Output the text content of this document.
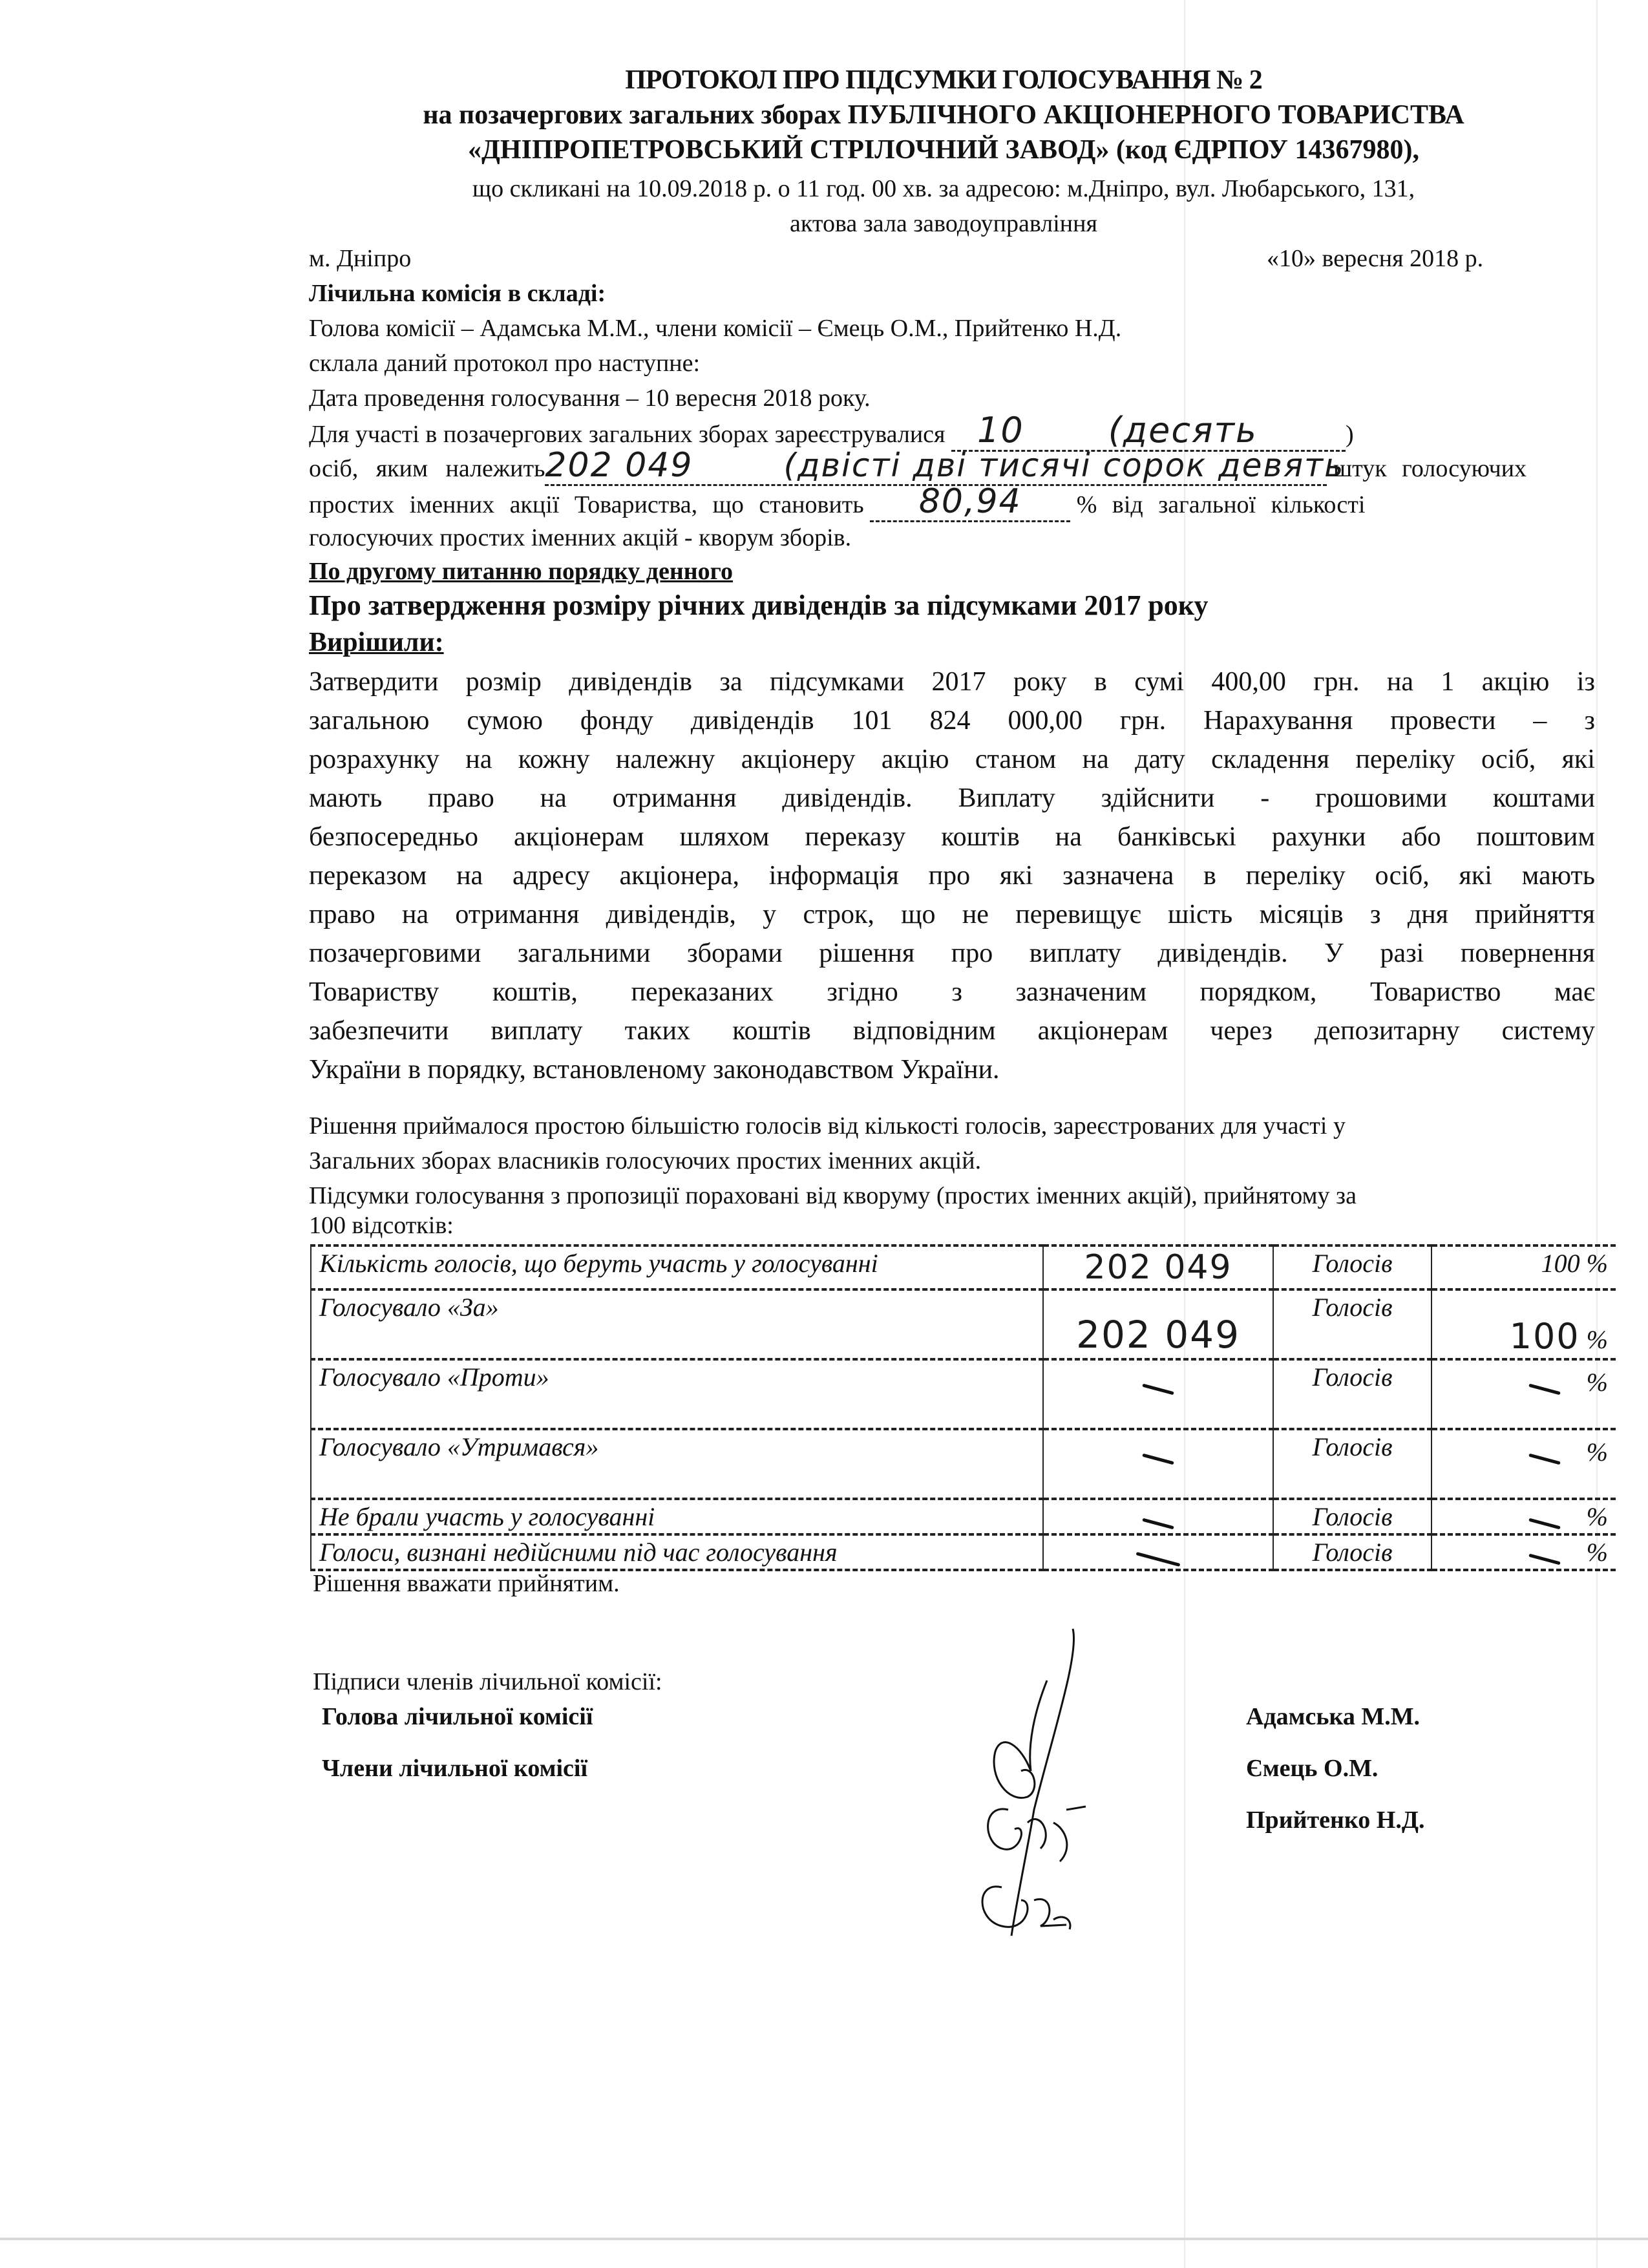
ПРОТОКОЛ ПРО ПІДСУМКИ ГОЛОСУВАННЯ № 2
на позачергових загальних зборах ПУБЛІЧНОГО АКЦІОНЕРНОГО ТОВАРИСТВА
«ДНІПРОПЕТРОВСЬКИЙ СТРІЛОЧНИЙ ЗАВОД» (код ЄДРПОУ 14367980),
що скликані на 10.09.2018 р. о 11 год. 00 хв. за адресою: м.Дніпро, вул. Любарського, 131,
актова зала заводоуправління
м. Дніпро	«10» вересня 2018 р.
Лічильна комісія в складі:
Голова комісії – Адамська М.М., члени комісії – Ємець О.М., Прийтенко Н.Д.
склала даний протокол про наступне:
Дата проведення голосування – 10 вересня 2018 року.
Для участі в позачергових загальних зборах зареєструвалися 10 (десять	)
осіб, яким належить202 049	(двісті дві тисячі сорок девять штук голосуючих
простих іменних акції Товариства, що становить 80,94 % від загальної кількості
голосуючих простих іменних акцій - кворум зборів.
По другому питанню порядку денного
Про затвердження розміру річних дивідендів за підсумками 2017 року
Вирішили:
Затвердити розмір дивідендів за підсумками 2017 року в сумі 400,00 грн. на 1 акцію із
загальною сумою фонду дивідендів 101 824 000,00 грн. Нарахування провести – з
розрахунку на кожну належну акціонеру акцію станом на дату складення переліку осіб, які
мають право на отримання дивідендів. Виплату здійснити - грошовими коштами
безпосередньо акціонерам шляхом переказу коштів на банківські рахунки або поштовим
переказом на адресу акціонера, інформація про які зазначена в переліку осіб, які мають
право на отримання дивідендів, у строк, що не перевищує шість місяців з дня прийняття
позачерговими загальними зборами рішення про виплату дивідендів. У разі повернення
Товариству коштів, переказаних згідно з зазначеним порядком, Товариство має
забезпечити виплату таких коштів відповідним акціонерам через депозитарну систему
України в порядку, встановленому законодавством України.
Рішення приймалося простою більшістю голосів від кількості голосів, зареєстрованих для участі у
Загальних зборах власників голосуючих простих іменних акцій.
Підсумки голосування з пропозиції пораховані від кворуму (простих іменних акцій), прийнятому за
100 відсотків:
Кількість голосів, що беруть участь у голосуванні	202 049	Голосів	100 %
Голосувало «За»	202 049	Голосів	100 %
Голосувало «Проти»		Голосів	%
Голосувало «Утримався»		Голосів	%
Не брали участь у голосуванні		Голосів	%
Голоси, визнані недійсними під час голосування		Голосів	%
Рішення вважати прийнятим.
Підписи членів лічильної комісії:
Голова лічильної комісії
Члени лічильної комісії
Адамська М.М.
Ємець О.М.
Прийтенко Н.Д.
